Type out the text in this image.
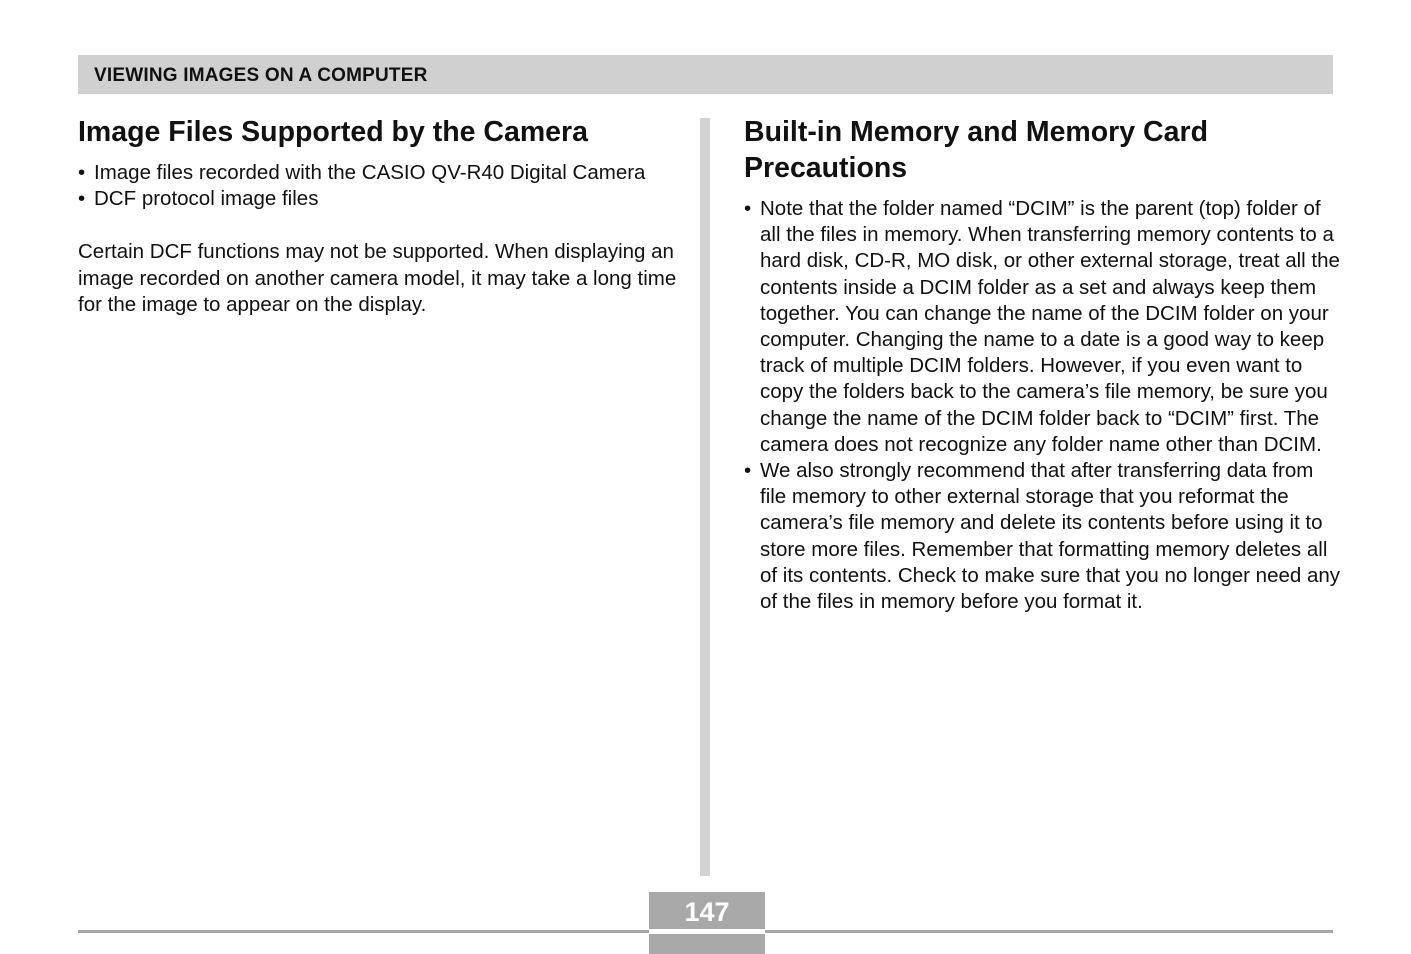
VIEWING IMAGES ON A COMPUTER
Image Files Supported by the Camera
• Image files recorded with the CASIO QV-R40 Digital Camera
• DCF protocol image files

Certain DCF functions may not be supported. When displaying an image recorded on another camera model, it may take a long time for the image to appear on the display.

Built-in Memory and Memory Card Precautions
• Note that the folder named “DCIM” is the parent (top) folder of all the files in memory. When transferring memory contents to a hard disk, CD-R, MO disk, or other external storage, treat all the contents inside a DCIM folder as a set and always keep them together. You can change the name of the DCIM folder on your computer. Changing the name to a date is a good way to keep track of multiple DCIM folders. However, if you even want to copy the folders back to the camera’s file memory, be sure you change the name of the DCIM folder back to “DCIM” first. The camera does not recognize any folder name other than DCIM.
• We also strongly recommend that after transferring data from file memory to other external storage that you reformat the camera’s file memory and delete its contents before using it to store more files. Remember that formatting memory deletes all of its contents. Check to make sure that you no longer need any of the files in memory before you format it.
147
